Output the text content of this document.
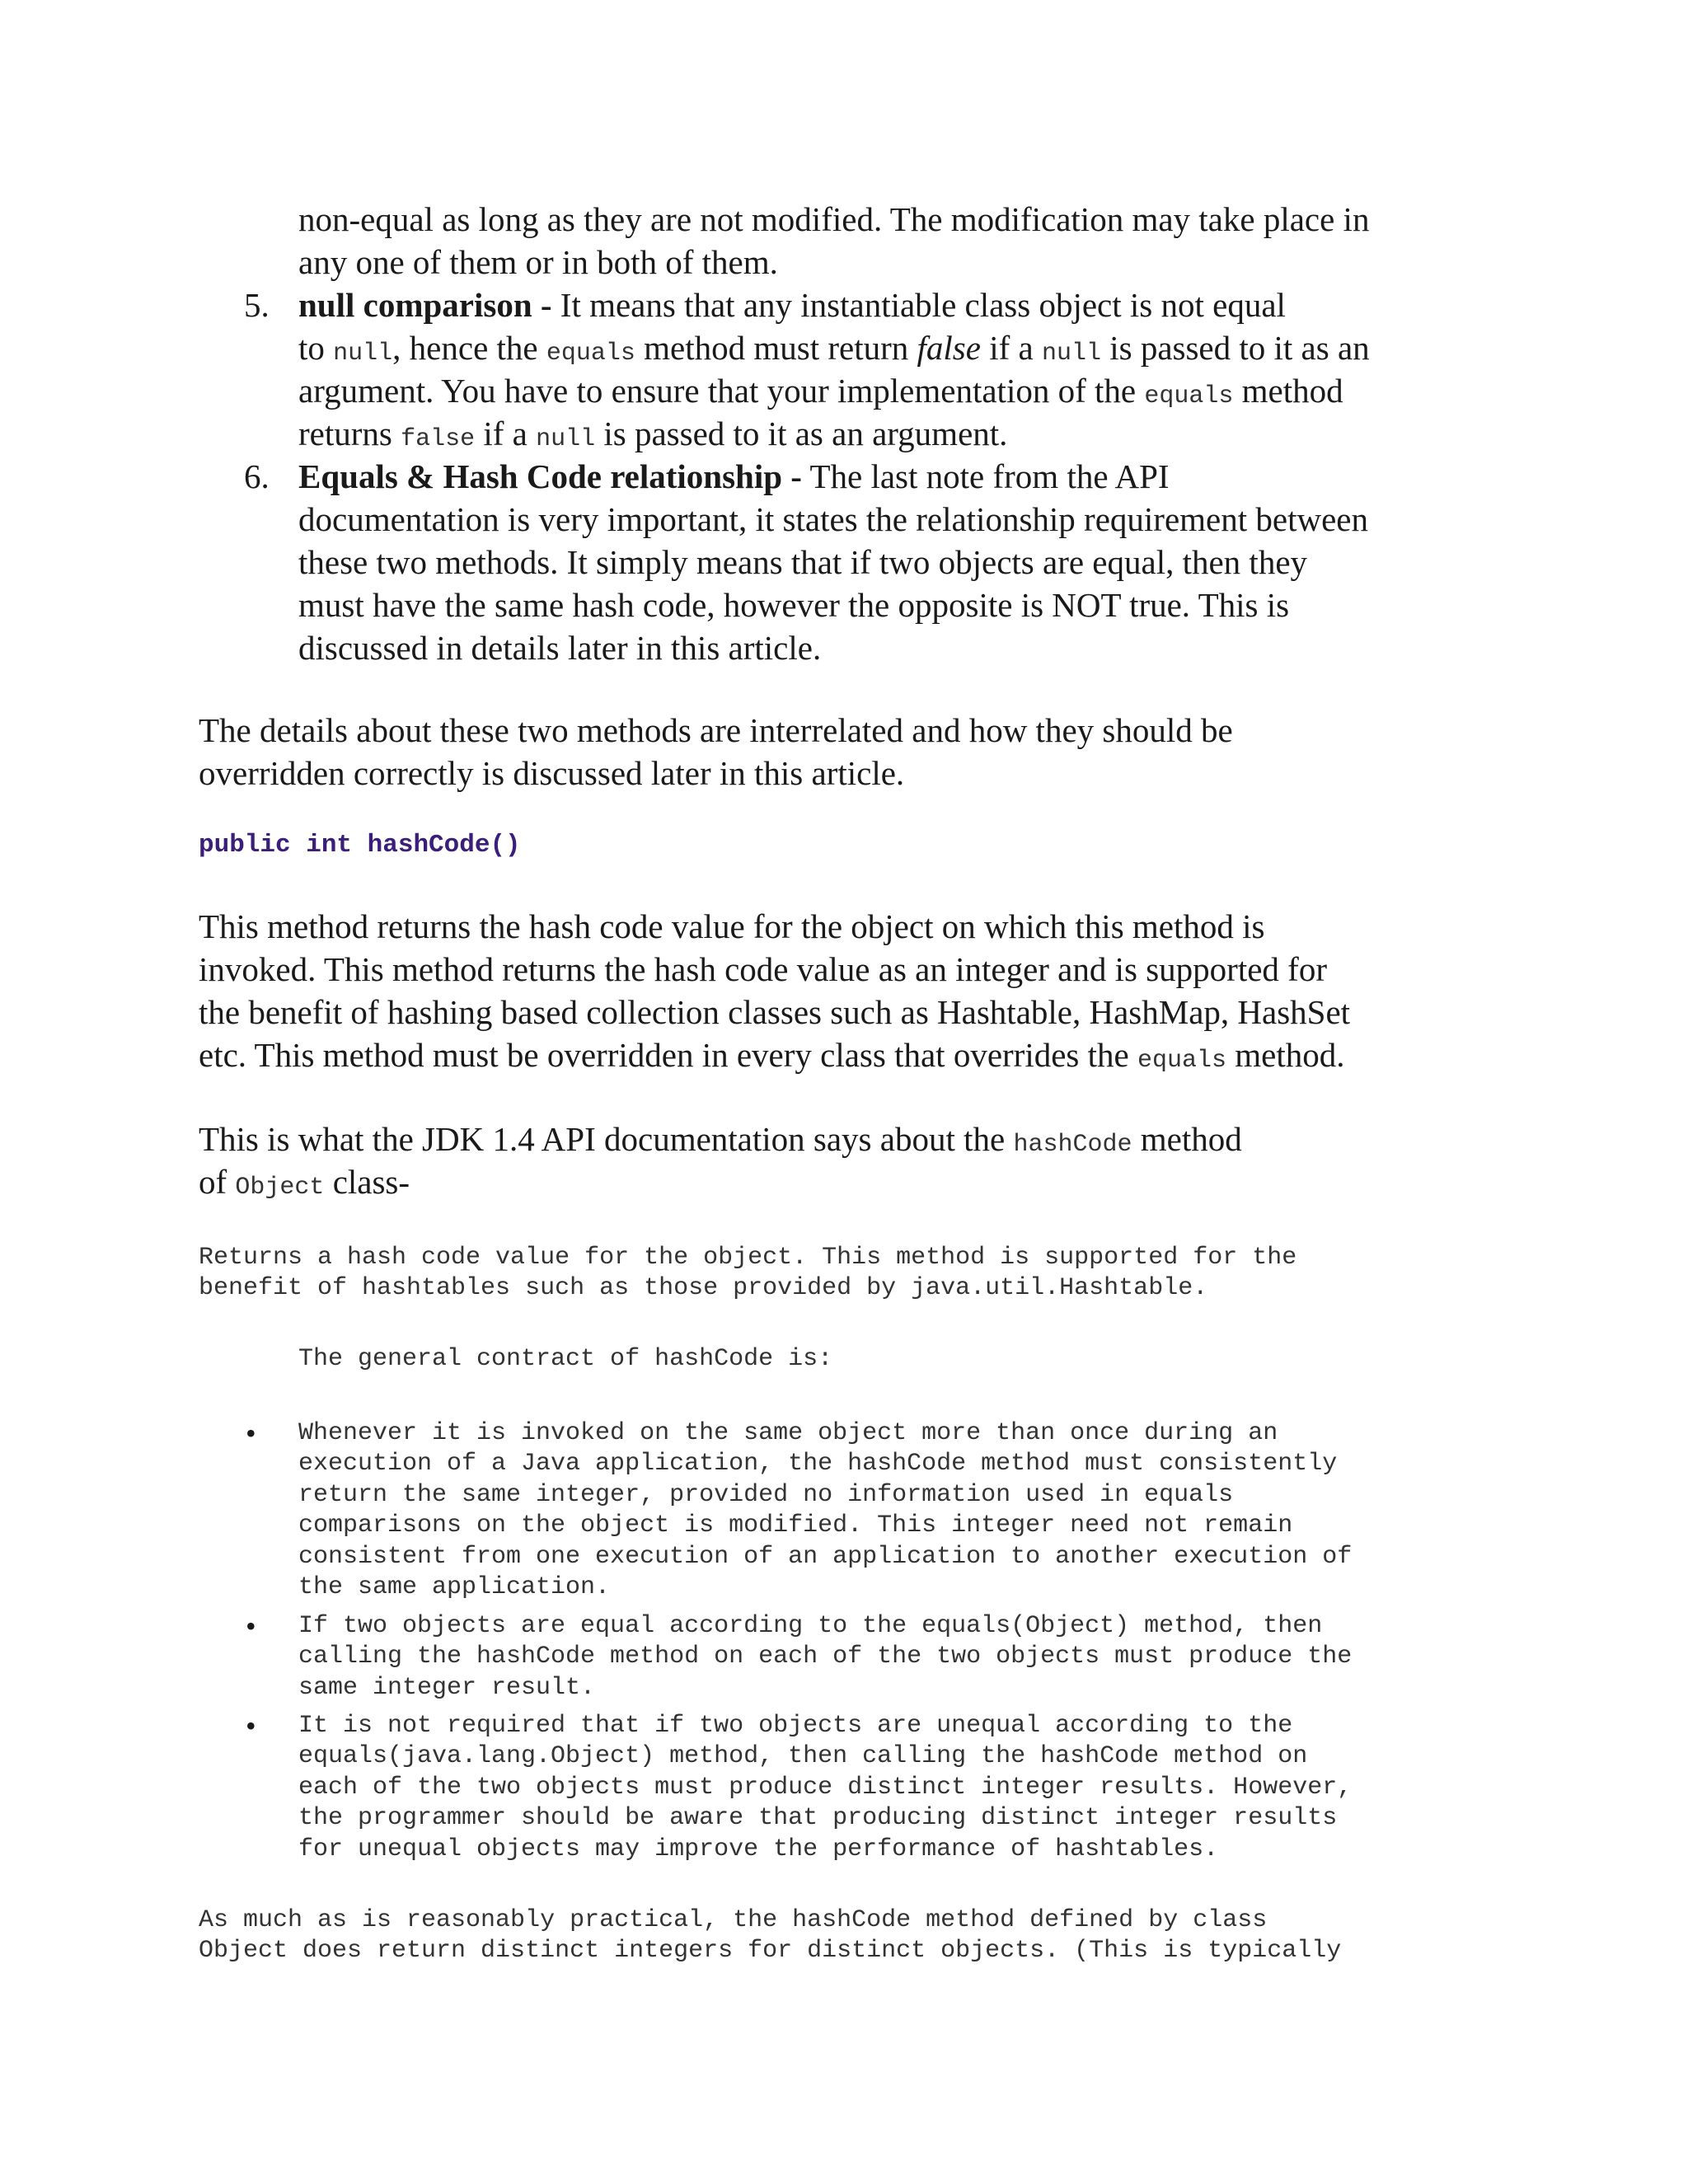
non-equal as long as they are not modified. The modification may take place in
any one of them or in both of them.
5. null comparison - It means that any instantiable class object is not equal
to null, hence the equals method must return false if a null is passed to it as an
argument. You have to ensure that your implementation of the equals method
returns false if a null is passed to it as an argument.
6. Equals & Hash Code relationship - The last note from the API
documentation is very important, it states the relationship requirement between
these two methods. It simply means that if two objects are equal, then they
must have the same hash code, however the opposite is NOT true. This is
discussed in details later in this article.
The details about these two methods are interrelated and how they should be
overridden correctly is discussed later in this article.
public int hashCode()
This method returns the hash code value for the object on which this method is
invoked. This method returns the hash code value as an integer and is supported for
the benefit of hashing based collection classes such as Hashtable, HashMap, HashSet
etc. This method must be overridden in every class that overrides the equals method.
This is what the JDK 1.4 API documentation says about the hashCode method
of Object class-
Returns a hash code value for the object. This method is supported for the
benefit of hashtables such as those provided by java.util.Hashtable.
The general contract of hashCode is:
• Whenever it is invoked on the same object more than once during an
execution of a Java application, the hashCode method must consistently
return the same integer, provided no information used in equals
comparisons on the object is modified. This integer need not remain
consistent from one execution of an application to another execution of
the same application.
• If two objects are equal according to the equals(Object) method, then
calling the hashCode method on each of the two objects must produce the
same integer result.
• It is not required that if two objects are unequal according to the
equals(java.lang.Object) method, then calling the hashCode method on
each of the two objects must produce distinct integer results. However,
the programmer should be aware that producing distinct integer results
for unequal objects may improve the performance of hashtables.
As much as is reasonably practical, the hashCode method defined by class
Object does return distinct integers for distinct objects. (This is typically
